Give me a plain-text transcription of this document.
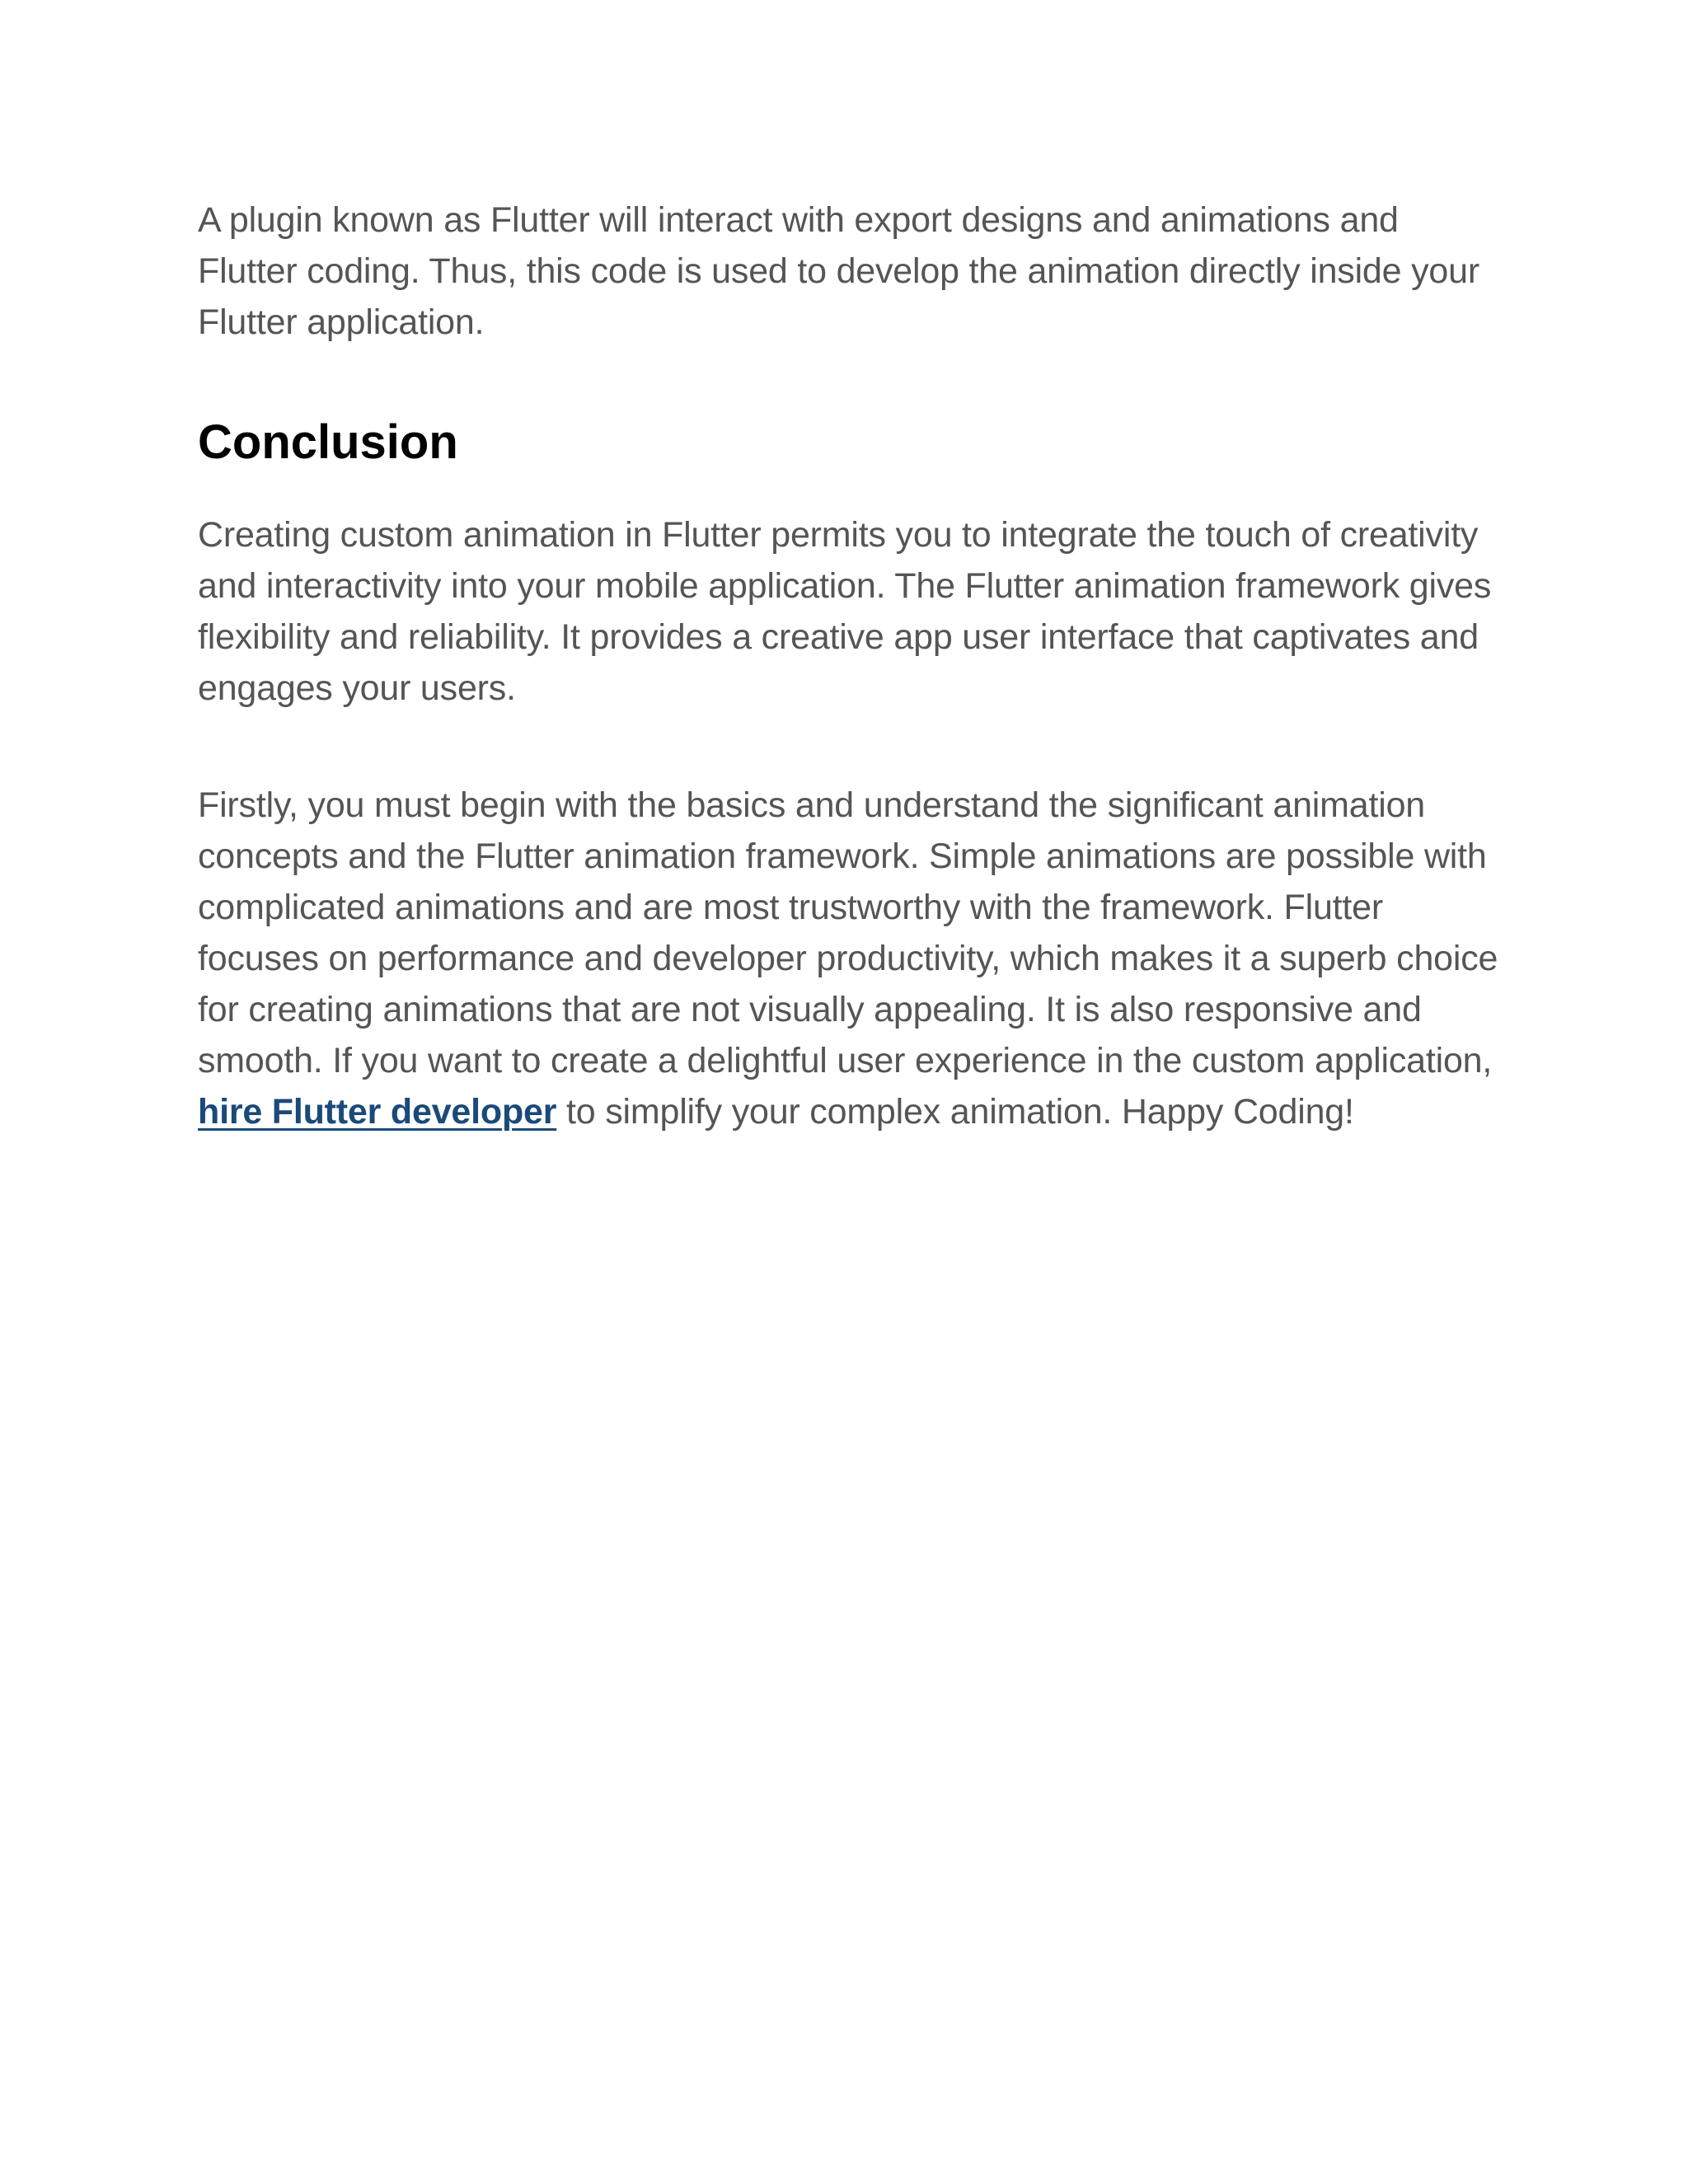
A plugin known as Flutter will interact with export designs and animations and Flutter coding. Thus, this code is used to develop the animation directly inside your Flutter application.

Conclusion

Creating custom animation in Flutter permits you to integrate the touch of creativity and interactivity into your mobile application. The Flutter animation framework gives flexibility and reliability. It provides a creative app user interface that captivates and engages your users.

Firstly, you must begin with the basics and understand the significant animation concepts and the Flutter animation framework. Simple animations are possible with complicated animations and are most trustworthy with the framework. Flutter focuses on performance and developer productivity, which makes it a superb choice for creating animations that are not visually appealing. It is also responsive and smooth. If you want to create a delightful user experience in the custom application, hire Flutter developer to simplify your complex animation. Happy Coding!
